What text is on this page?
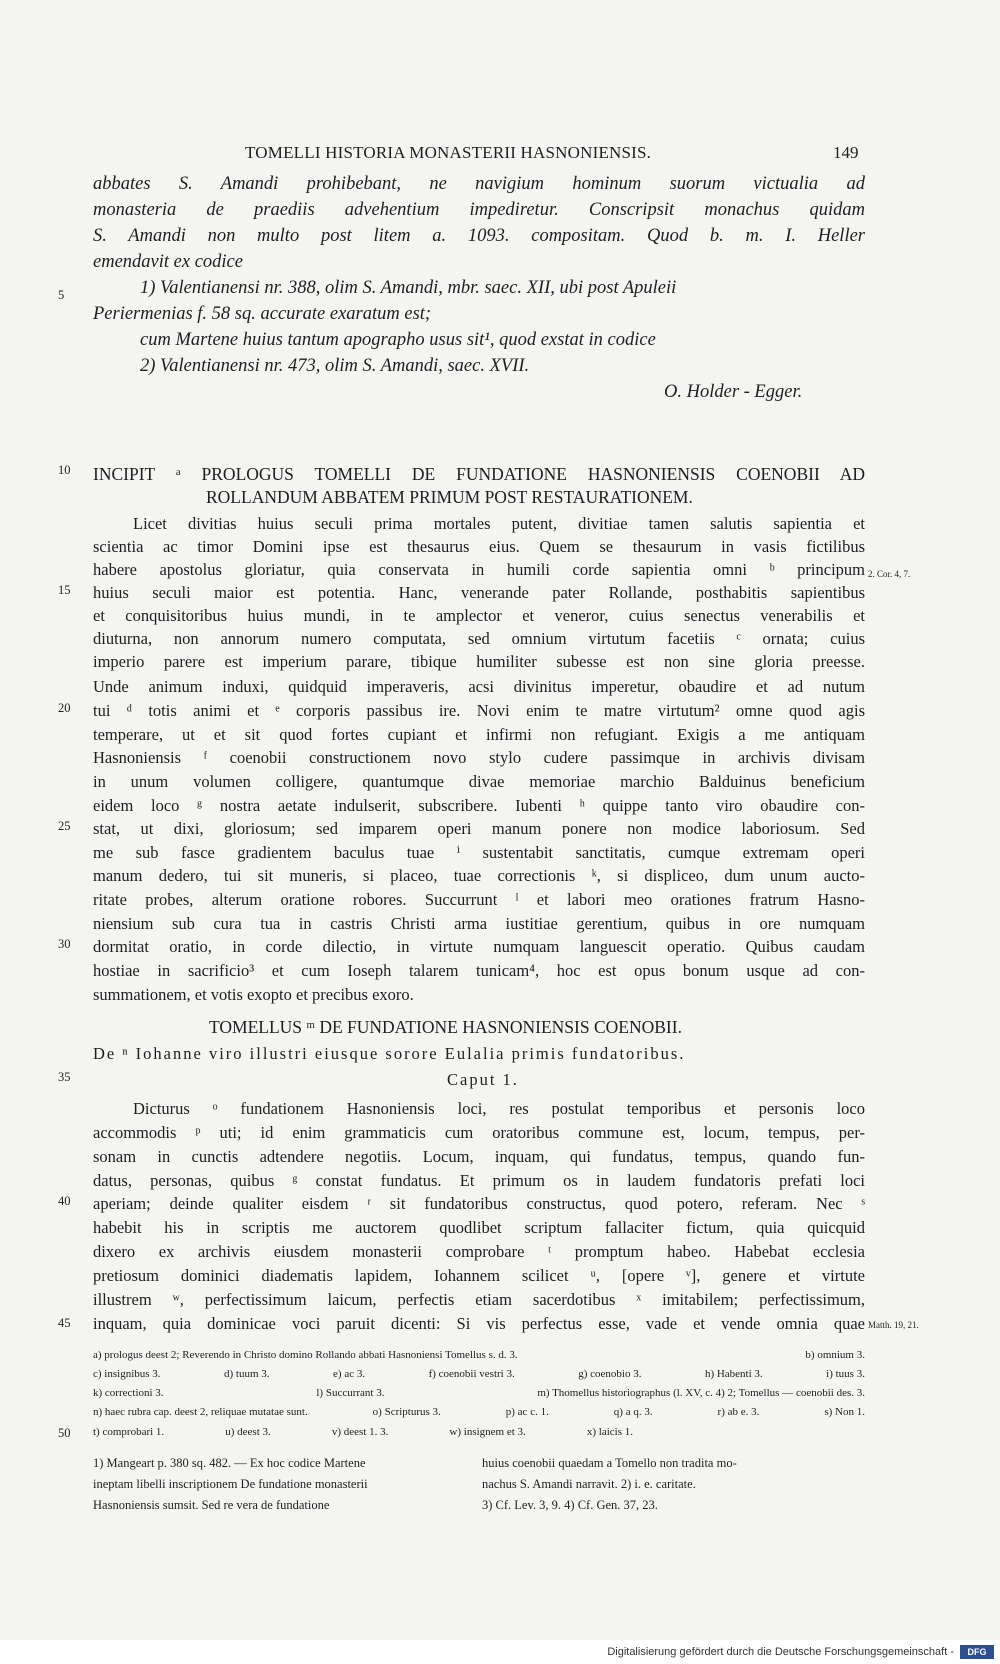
TOMELLI HISTORIA MONASTERII HASNONIENSIS.	149
abbates S. Amandi prohibebant, ne navigium hominum suorum victualia ad
monasteria de praediis advehentium impediretur. Conscripsit monachus quidam
S. Amandi non multo post litem a. 1093. compositam. Quod b. m. I. Heller
emendavit ex codice
1) Valentianensi nr. 388, olim S. Amandi, mbr. saec. XII, ubi post Apuleii
Periermenias f. 58 sq. accurate exaratum est;
cum Martene huius tantum apographo usus sit¹, quod exstat in codice
2) Valentianensi nr. 473, olim S. Amandi, saec. XVII.
O. Holder - Egger.
5
10
15
20
25
30
35
40
45
50
INCIPIT ᵃ PROLOGUS TOMELLI DE FUNDATIONE HASNONIENSIS COENOBII AD
ROLLANDUM ABBATEM PRIMUM POST RESTAURATIONEM.
Licet divitias huius seculi prima mortales putent, divitiae tamen salutis sapientia et
scientia ac timor Domini ipse est thesaurus eius. Quem se thesaurum in vasis fictilibus
habere apostolus gloriatur, quia conservata in humili corde sapientia omni ᵇ principum
huius seculi maior est potentia. Hanc, venerande pater Rollande, posthabitis sapientibus
et conquisitoribus huius mundi, in te amplector et veneror, cuius senectus venerabilis et
diuturna, non annorum numero computata, sed omnium virtutum facetiis ᶜ ornata; cuius
imperio parere est imperium parare, tibique humiliter subesse est non sine gloria preesse.
Unde animum induxi, quidquid imperaveris, acsi divinitus imperetur, obaudire et ad nutum
tui ᵈ totis animi et ᵉ corporis passibus ire. Novi enim te matre virtutum² omne quod agis
temperare, ut et sit quod fortes cupiant et infirmi non refugiant. Exigis a me antiquam
Hasnoniensis ᶠ coenobii constructionem novo stylo cudere passimque in archivis divisam
in unum volumen colligere, quantumque divae memoriae marchio Balduinus beneficium
eidem loco ᵍ nostra aetate indulserit, subscribere. Iubenti ʰ quippe tanto viro obaudire con-
stat, ut dixi, gloriosum; sed imparem operi manum ponere non modice laboriosum. Sed
me sub fasce gradientem baculus tuae ⁱ sustentabit sanctitatis, cumque extremam operi
manum dedero, tui sit muneris, si placeo, tuae correctionis ᵏ, si displiceo, dum unum aucto-
ritate probes, alterum oratione robores. Succurrunt ˡ et labori meo orationes fratrum Hasno-
niensium sub cura tua in castris Christi arma iustitiae gerentium, quibus in ore numquam
dormitat oratio, in corde dilectio, in virtute numquam languescit operatio. Quibus caudam
hostiae in sacrificio³ et cum Ioseph talarem tunicam⁴, hoc est opus bonum usque ad con-
summationem, et votis exopto et precibus exoro.
TOMELLUS ᵐ DE FUNDATIONE HASNONIENSIS COENOBII.
De ⁿ Iohanne viro illustri eiusque sorore Eulalia primis fundatoribus.
Caput 1.
Dicturus ᵒ fundationem Hasnoniensis loci, res postulat temporibus et personis loco
accommodis ᵖ uti; id enim grammaticis cum oratoribus commune est, locum, tempus, per-
sonam in cunctis adtendere negotiis. Locum, inquam, qui fundatus, tempus, quando fun-
datus, personas, quibus ᵍ constat fundatus. Et primum os in laudem fundatoris prefati loci
aperiam; deinde qualiter eisdem ʳ sit fundatoribus constructus, quod potero, referam. Nec ˢ
habebit his in scriptis me auctorem quodlibet scriptum fallaciter fictum, quia quicquid
dixero ex archivis eiusdem monasterii comprobare ᵗ promptum habeo. Habebat ecclesia
pretiosum dominici diadematis lapidem, Iohannem scilicet ᵘ, [opere ᵛ], genere et virtute
illustrem ʷ, perfectissimum laicum, perfectis etiam sacerdotibus ˣ imitabilem; perfectissimum,
inquam, quia dominicae voci paruit dicenti: Si vis perfectus esse, vade et vende omnia quae
2. Cor. 4, 7.
Matth. 19, 21.
a) prologus deest 2; Reverendo in Christo domino Rollando abbati Hasnoniensi Tomellus s. d. 3.	b) omnium 3.
c) insignibus 3.	d) tuum 3.	e) ac 3.	f) coenobii vestri 3.	g) coenobio 3.	h) Habenti 3.	i) tuus 3.
k) correctioni 3.	l) Succurrant 3.	m) Thomellus historiographus (l. XV, c. 4) 2; Tomellus — coenobii des. 3.
n) haec rubra cap. deest 2, reliquae mutatae sunt.	o) Scripturus 3.	p) ac c. 1.	q) a q. 3.	r) ab e. 3.	s) Non 1.
t) comprobari 1.	u) deest 3.	v) deest 1. 3.	w) insignem et 3.	x) laicis 1.
1) Mangeart p. 380 sq. 482. — Ex hoc codice Martene
ineptam libelli inscriptionem De fundatione monasterii
Hasnoniensis sumsit. Sed re vera de fundatione
huius coenobii quaedam a Tomello non tradita mo-
nachus S. Amandi narravit. 2) i. e. caritate.
3) Cf. Lev. 3, 9. 4) Cf. Gen. 37, 23.
Digitalisierung gefördert durch die Deutsche Forschungsgemeinschaft -	DFG
